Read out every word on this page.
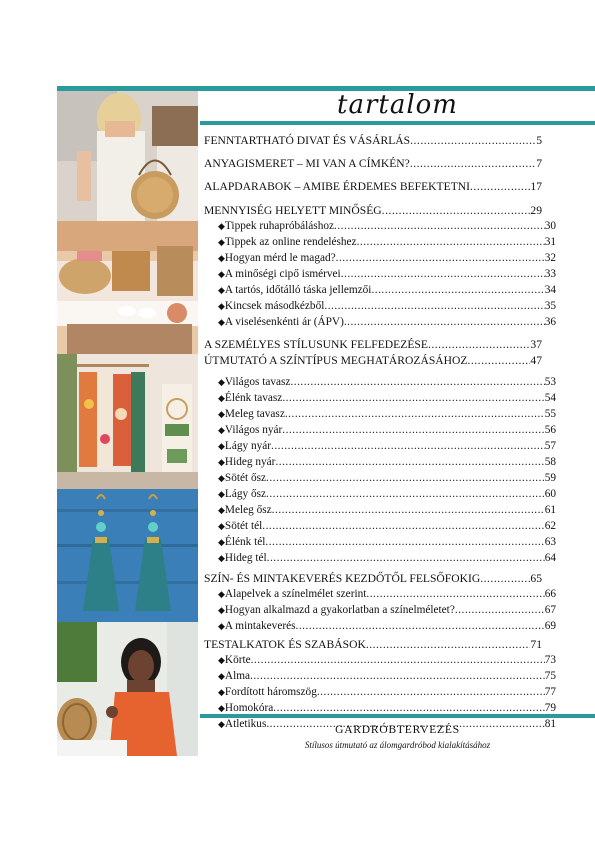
tartalom
FENNTARTHATÓ DIVAT ÉS VÁSÁRLÁS .....	5
ANYAGISMERET – MI VAN A CÍMKÉN? .....	7
ALAPDARABOK – AMIBE ÉRDEMES BEFEKTETNI .....	17
MENNYISÉG HELYETT MINŐSÉG .....	29
◆ Tippek ruhapróbáláshoz .....	30
◆ Tippek az online rendeléshez .....	31
◆ Hogyan mérd le magad? .....	32
◆ A minőségi cipő ismérvei .....	33
◆ A tartós, időtálló táska jellemzői .....	34
◆ Kincsek másodkézből .....	35
◆ A viselésenkénti ár (ÁPV) .....	36
A SZEMÉLYES STÍLUSUNK FELFEDEZÉSE .....	37
ÚTMUTATÓ A SZÍNTÍPUS MEGHATÁROZÁSÁHOZ .....	47
◆ Világos tavasz .....	53
◆ Élénk tavasz .....	54
◆ Meleg tavasz .....	55
◆ Világos nyár .....	56
◆ Lágy nyár .....	57
◆ Hideg nyár .....	58
◆ Sötét ősz .....	59
◆ Lágy ősz .....	60
◆ Meleg ősz .....	61
◆ Sötét tél .....	62
◆ Élénk tél .....	63
◆ Hideg tél .....	64
SZÍN- ÉS MINTAKEVERÉS KEZDŐTŐL FELSŐFOKIG .....	65
◆ Alapelvek a színelmélet szerint .....	66
◆ Hogyan alkalmazd a gyakorlatban a színelméletet? .....	67
◆ A mintakeverés .....	69
TESTALKATOK ÉS SZABÁSOK .....	71
◆ Körte .....	73
◆ Alma .....	75
◆ Fordított háromszög .....	77
◆ Homokóra .....	79
◆ Atletikus .....	81
GARDRÓBTERVEZÉS
Stílusos útmutató az álomgardróbod kialakításához
